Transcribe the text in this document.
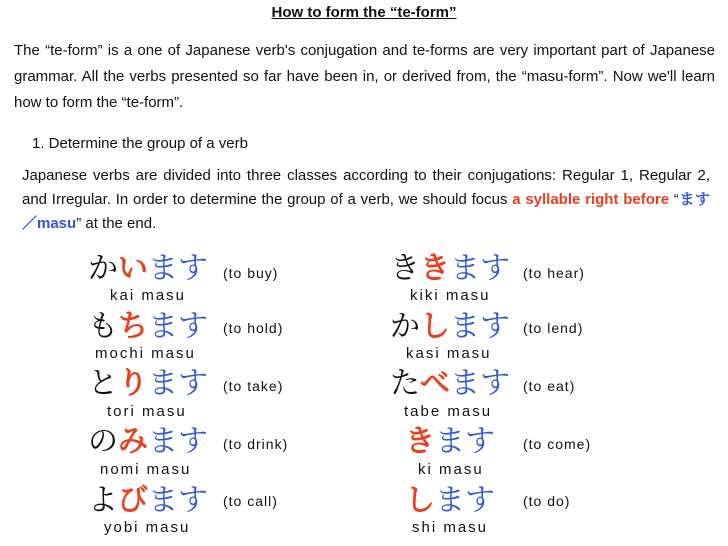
How to form the “te-form”
The “te-form” is a one of Japanese verb's conjugation and te-forms are very important part of Japanese grammar. All the verbs presented so far have been in, or derived from, the “masu-form”. Now we'll learn how to form the “te-form”.
1. Determine the group of a verb
Japanese verbs are divided into three classes according to their conjugations: Regular 1, Regular 2, and Irregular. In order to determine the group of a verb, we should focus a syllable right before “ます／masu” at the end.
かいます (to buy)
kai masu
もちます (to hold)
mochi masu
とります (to take)
tori masu
のみます (to drink)
nomi masu
よびます (to call)
yobi masu
ききます (to hear)
kiki masu
かします (to lend)
kasi masu
たべます (to eat)
tabe masu
きます (to come)
ki masu
します (to do)
shi masu
